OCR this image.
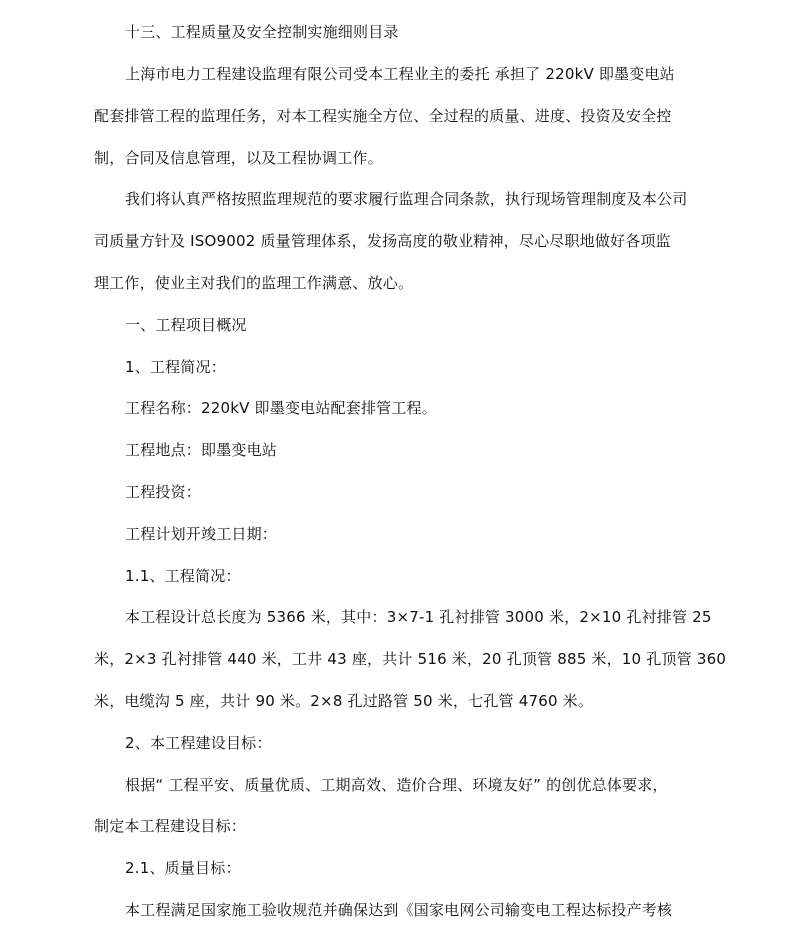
十三、工程质量及安全控制实施细则目录
上海市电力工程建设监理有限公司受本工程业主的委托 承担了 220kV 即墨变电站
配套排管工程的监理任务，对本工程实施全方位、全过程的质量、进度、投资及安全控
制，合同及信息管理，以及工程协调工作。
我们将认真严格按照监理规范的要求履行监理合同条款，执行现场管理制度及本公司
司质量方针及 ISO9002 质量管理体系，发扬高度的敬业精神，尽心尽职地做好各项监
理工作，使业主对我们的监理工作满意、放心。
一、工程项目概况
1、工程简况：
工程名称：220kV 即墨变电站配套排管工程。
工程地点：即墨变电站
工程投资：
工程计划开竣工日期：
1.1、工程简况：
本工程设计总长度为 5366 米，其中：3×7-1 孔衬排管 3000 米，2×10 孔衬排管 25
米，2×3 孔衬排管 440 米，工井 43 座，共计 516 米，20 孔顶管 885 米，10 孔顶管 360
米，电缆沟 5 座，共计 90 米。2×8 孔过路管 50 米，七孔管 4760 米。
2、本工程建设目标：
根据“ 工程平安、质量优质、工期高效、造价合理、环境友好” 的创优总体要求，
制定本工程建设目标：
2.1、质量目标：
本工程满足国家施工验收规范并确保达到《国家电网公司输变电工程达标投产考核
